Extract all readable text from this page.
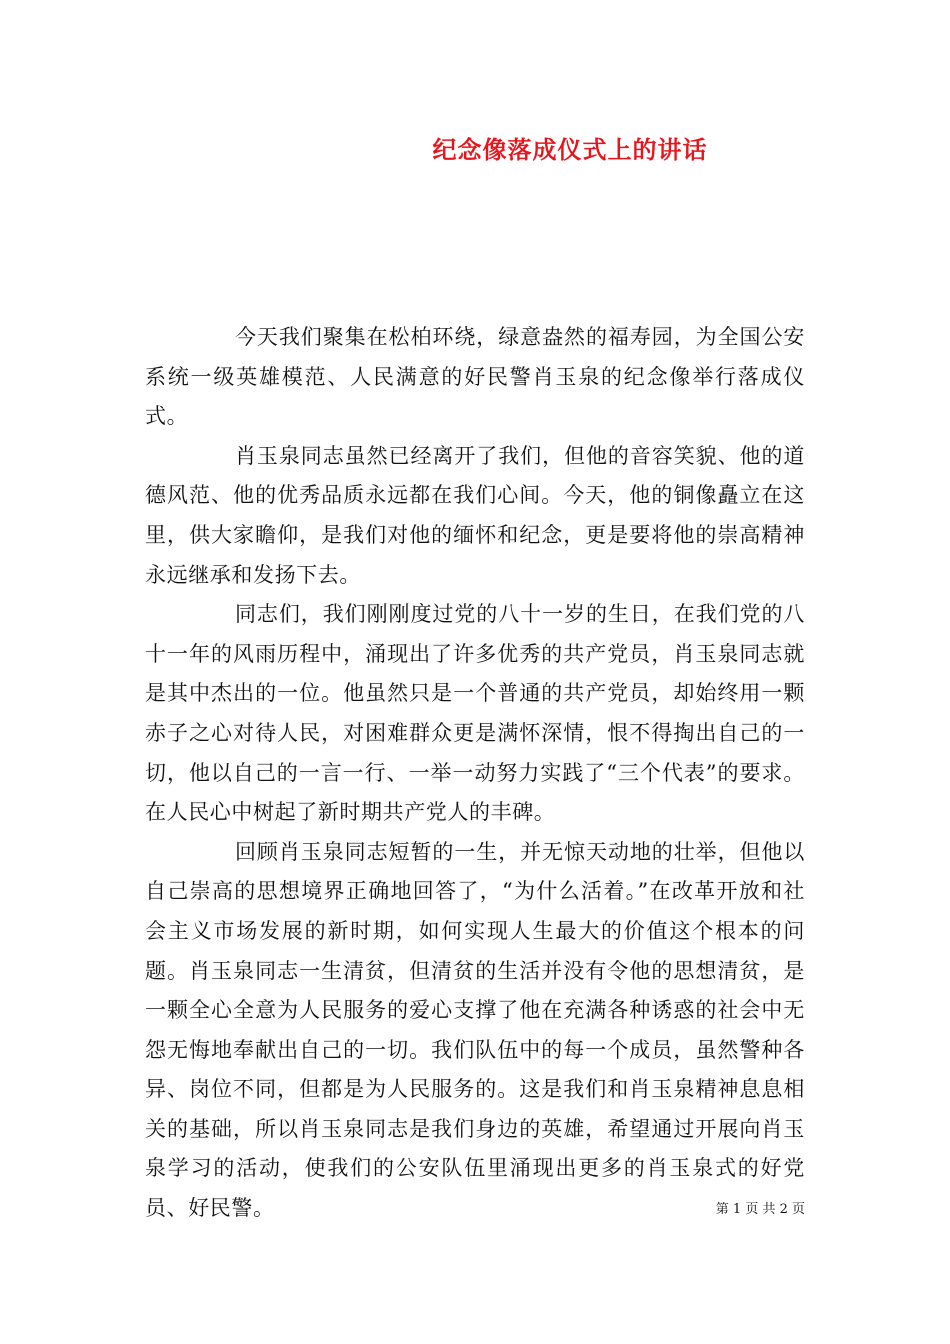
纪念像落成仪式上的讲话

今天我们聚集在松柏环绕，绿意盎然的福寿园，为全国公安系统一级英雄模范、人民满意的好民警肖玉泉的纪念像举行落成仪式。

肖玉泉同志虽然已经离开了我们，但他的音容笑貌、他的道德风范、他的优秀品质永远都在我们心间。今天，他的铜像矗立在这里，供大家瞻仰，是我们对他的缅怀和纪念，更是要将他的崇高精神永远继承和发扬下去。

同志们，我们刚刚度过党的八十一岁的生日，在我们党的八十一年的风雨历程中，涌现出了许多优秀的共产党员，肖玉泉同志就是其中杰出的一位。他虽然只是一个普通的共产党员，却始终用一颗赤子之心对待人民，对困难群众更是满怀深情，恨不得掏出自己的一切，他以自己的一言一行、一举一动努力实践了“三个代表”的要求。在人民心中树起了新时期共产党人的丰碑。

回顾肖玉泉同志短暂的一生，并无惊天动地的壮举，但他以自己崇高的思想境界正确地回答了，“为什么活着。”在改革开放和社会主义市场发展的新时期，如何实现人生最大的价值这个根本的问题。肖玉泉同志一生清贫，但清贫的生活并没有令他的思想清贫，是一颗全心全意为人民服务的爱心支撑了他在充满各种诱惑的社会中无怨无悔地奉献出自己的一切。我们队伍中的每一个成员，虽然警种各异、岗位不同，但都是为人民服务的。这是我们和肖玉泉精神息息相关的基础，所以肖玉泉同志是我们身边的英雄，希望通过开展向肖玉泉学习的活动，使我们的公安队伍里涌现出更多的肖玉泉式的好党员、好民警。	第 1 页 共 2 页
